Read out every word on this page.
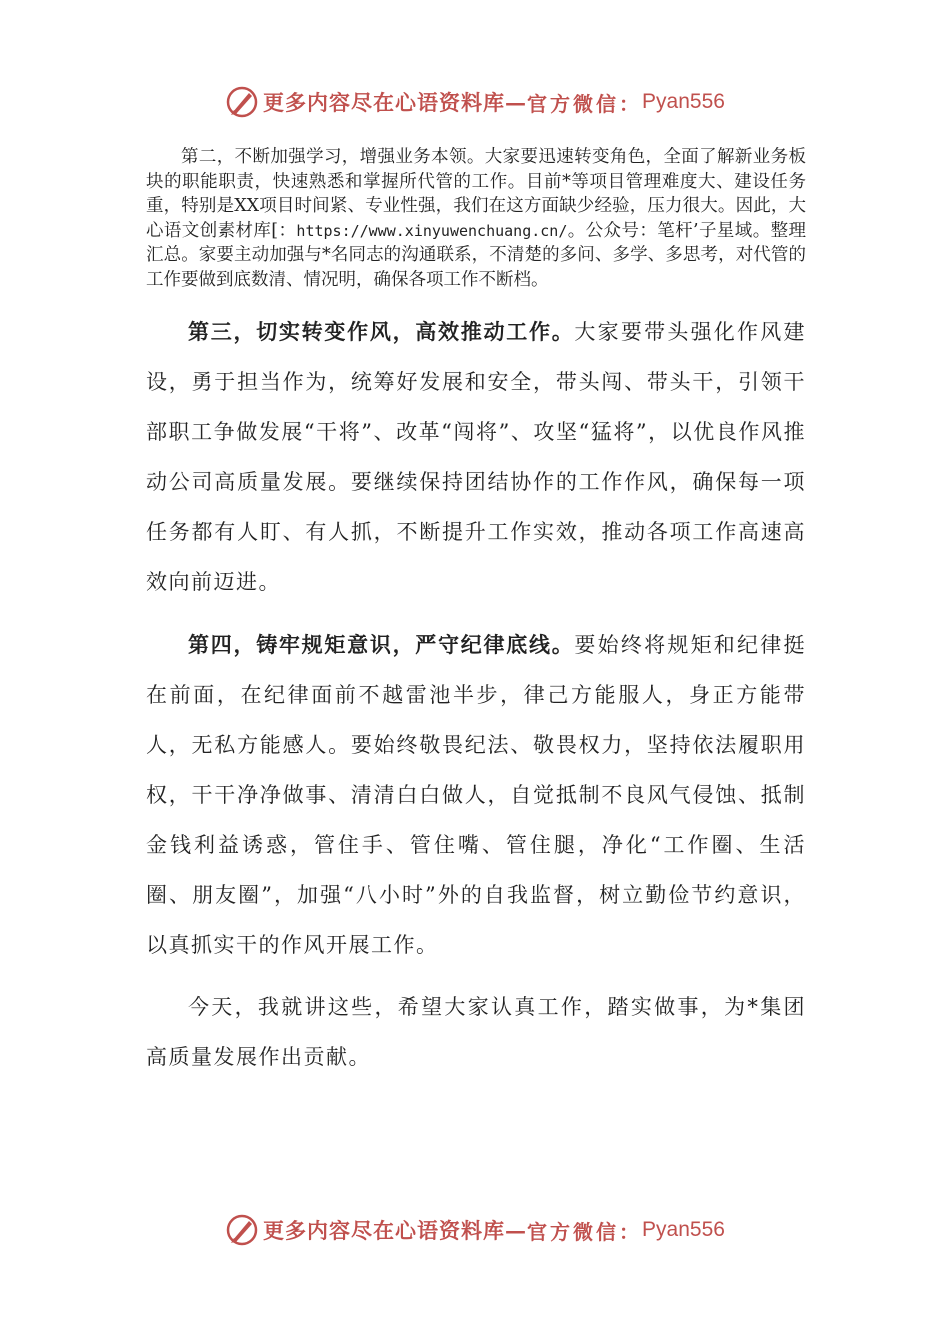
更多内容尽在心语资料库 — 官方微信： Pyan556

第二，不断加强学习，增强业务本领。大家要迅速转变角色，全面了解新业务板块的职能职责，快速熟悉和掌握所代管的工作。目前*等项目管理难度大、建设任务重，特别是XX项目时间紧、专业性强，我们在这方面缺少经验，压力很大。因此，大心语文创素材库[：https://www.xinyuwenchuang.cn/。公众号：笔杆’子星域。整理汇总。家要主动加强与*名同志的沟通联系，不清楚的多问、多学、多思考，对代管的工作要做到底数清、情况明，确保各项工作不断档。

第三，切实转变作风，高效推动工作。大家要带头强化作风建设，勇于担当作为，统筹好发展和安全，带头闯、带头干，引领干部职工争做发展“干将”、改革“闯将”、攻坚“猛将”，以优良作风推动公司高质量发展。要继续保持团结协作的工作作风，确保每一项任务都有人盯、有人抓，不断提升工作实效，推动各项工作高速高效向前迈进。

第四，铸牢规矩意识，严守纪律底线。要始终将规矩和纪律挺在前面，在纪律面前不越雷池半步，律己方能服人，身正方能带人，无私方能感人。要始终敬畏纪法、敬畏权力，坚持依法履职用权，干干净净做事、清清白白做人，自觉抵制不良风气侵蚀、抵制金钱利益诱惑，管住手、管住嘴、管住腿，净化“工作圈、生活圈、朋友圈”，加强“八小时”外的自我监督，树立勤俭节约意识，以真抓实干的作风开展工作。

今天，我就讲这些，希望大家认真工作，踏实做事，为*集团高质量发展作出贡献。

更多内容尽在心语资料库 — 官方微信： Pyan556
